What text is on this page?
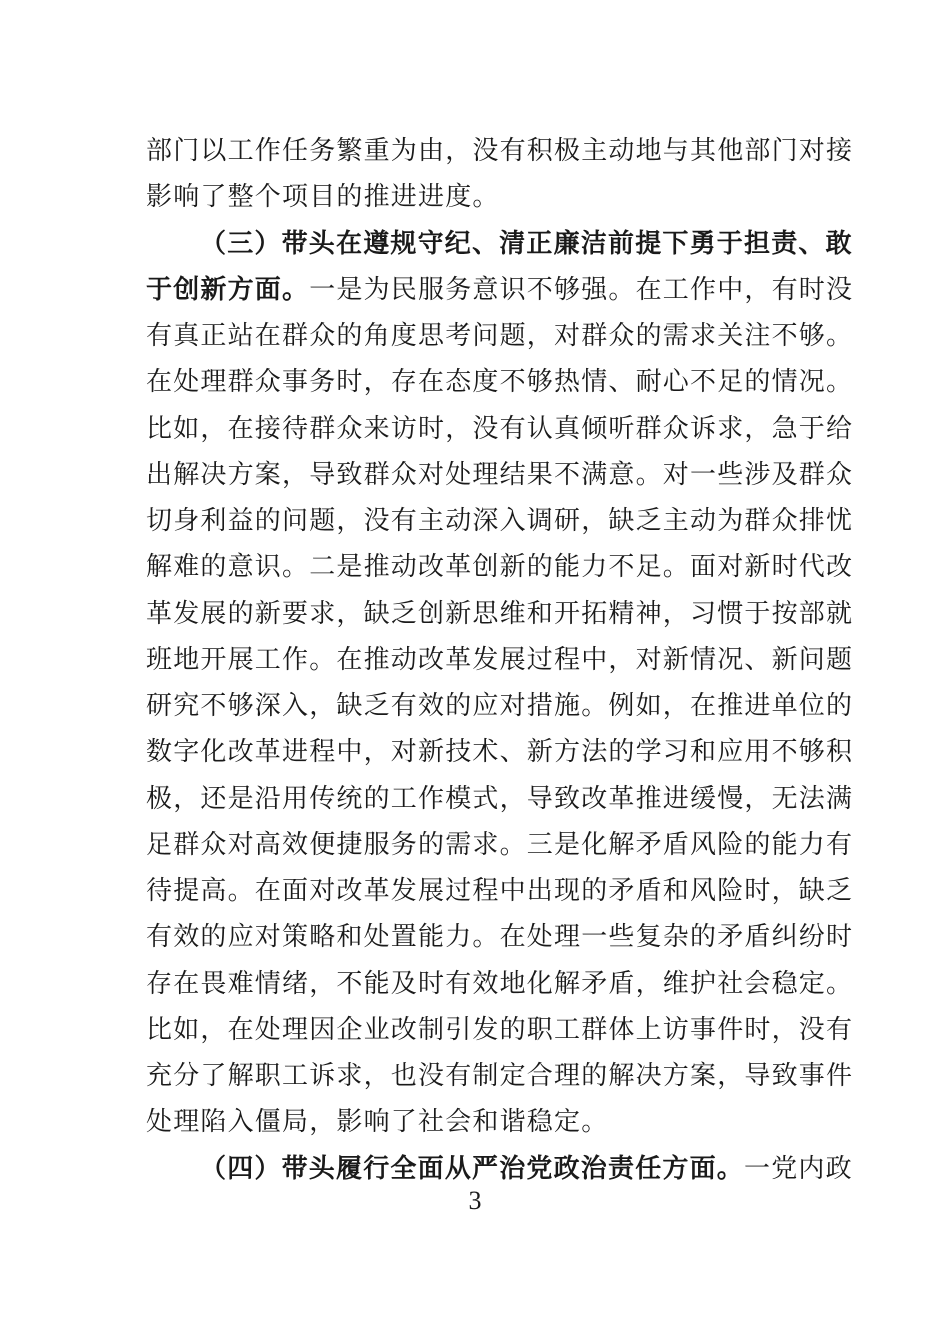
部门以工作任务繁重为由，没有积极主动地与其他部门对接
影响了整个项目的推进进度。
（三）带头在遵规守纪、清正廉洁前提下勇于担责、敢
于创新方面。一是为民服务意识不够强。在工作中，有时没
有真正站在群众的角度思考问题，对群众的需求关注不够。
在处理群众事务时，存在态度不够热情、耐心不足的情况。
比如，在接待群众来访时，没有认真倾听群众诉求，急于给
出解决方案，导致群众对处理结果不满意。对一些涉及群众
切身利益的问题，没有主动深入调研，缺乏主动为群众排忧
解难的意识。二是推动改革创新的能力不足。面对新时代改
革发展的新要求，缺乏创新思维和开拓精神，习惯于按部就
班地开展工作。在推动改革发展过程中，对新情况、新问题
研究不够深入，缺乏有效的应对措施。例如，在推进单位的
数字化改革进程中，对新技术、新方法的学习和应用不够积
极，还是沿用传统的工作模式，导致改革推进缓慢，无法满
足群众对高效便捷服务的需求。三是化解矛盾风险的能力有
待提高。在面对改革发展过程中出现的矛盾和风险时，缺乏
有效的应对策略和处置能力。在处理一些复杂的矛盾纠纷时
存在畏难情绪，不能及时有效地化解矛盾，维护社会稳定。
比如，在处理因企业改制引发的职工群体上访事件时，没有
充分了解职工诉求，也没有制定合理的解决方案，导致事件
处理陷入僵局，影响了社会和谐稳定。
（四）带头履行全面从严治党政治责任方面。一党内政
3
